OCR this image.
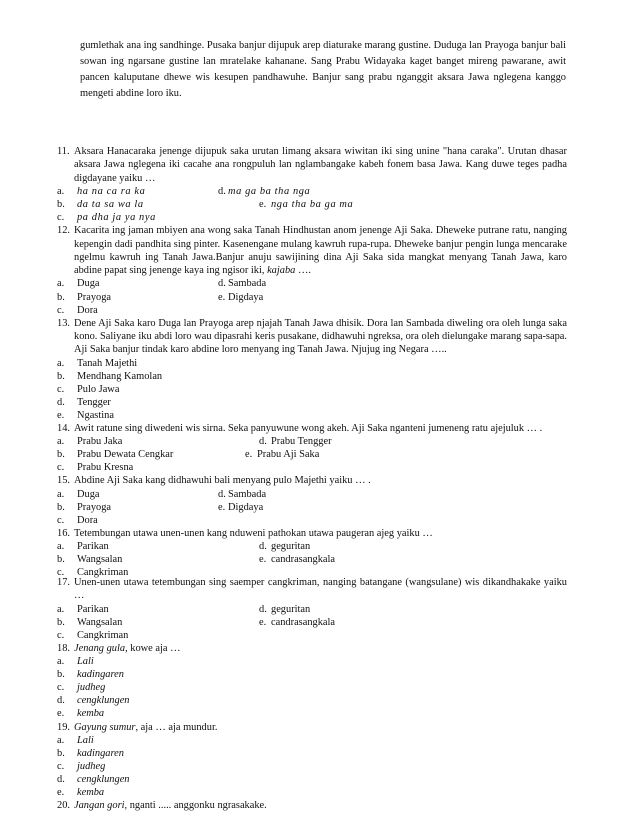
gumlethak ana ing sandhinge. Pusaka banjur dijupuk arep diaturake marang gustine. Duduga lan Prayoga banjur bali sowan ing ngarsane gustine lan mratelake kahanane. Sang Prabu Widayaka kaget banget mireng pawarane, awit pancen kaluputane dhewe wis kesupen pandhawuhe. Banjur sang prabu nganggit aksara Jawa nglegena kanggo mengeti abdine loro iku.
11. Aksara Hanacaraka jenenge dijupuk saka urutan limang aksara wiwitan iki sing unine "hana caraka". Urutan dhasar aksara Jawa nglegena iki cacahe ana rongpuluh lan nglambangake kabeh fonem basa Jawa. Kang duwe teges padha digdayane yaiku …
a. ha na ca ra ka	d. ma ga ba tha nga
b. da ta sa wa la	e. nga tha ba ga ma
c. pa dha ja ya nya
12. Kacarita ing jaman mbiyen ana wong saka Tanah Hindhustan anom jenenge Aji Saka. Dheweke putrane ratu, nanging kepengin dadi pandhita sing pinter. Kasenengane mulang kawruh rupa-rupa. Dheweke banjur pengin lunga mencarake ngelmu kawruh ing Tanah Jawa.Banjur anuju sawijining dina Aji Saka sida mangkat menyang Tanah Jawa, karo abdine papat sing jenenge kaya ing ngisor iki, kajaba ….
a. Duga	d. Sambada
b. Prayoga	e. Digdaya
c. Dora
13. Dene Aji Saka karo Duga lan Prayoga arep njajah Tanah Jawa dhisik. Dora lan Sambada diweling ora oleh lunga saka kono. Saliyane iku abdi loro wau dipasrahi keris pusakane, didhawuhi ngreksa, ora oleh dielungake marang sapa-sapa. Aji Saka banjur tindak karo abdine loro menyang ing Tanah Jawa. Njujug ing Negara …..
a. Tanah Majethi
b. Mendhang Kamolan
c. Pulo Jawa
d. Tengger
e. Ngastina
14. Awit ratune sing diwedeni wis sirna. Seka panyuwune wong akeh. Aji Saka nganteni jumeneng ratu ajejuluk … .
a. Prabu Jaka	d. Prabu Tengger
b. Prabu Dewata Cengkar	e. Prabu Aji Saka
c. Prabu Kresna
15. Abdine Aji Saka kang didhawuhi bali menyang pulo Majethi yaiku … .
a. Duga	d. Sambada
b. Prayoga	e. Digdaya
c. Dora
16. Tetembungan utawa unen-unen kang nduweni pathokan utawa paugeran ajeg yaiku …
a. Parikan	d. geguritan
b. Wangsalan	e. candrasangkala
c. Cangkriman
17. Unen-unen utawa tetembungan sing saemper cangkriman, nanging batangane (wangsulane) wis dikandhakake yaiku …
a. Parikan	d. geguritan
b. Wangsalan	e. candrasangkala
c. Cangkriman
18. Jenang gula, kowe aja …
a. Lali
b. kadingaren
c. judheg
d. cengklungen
e. kemba
19. Gayung sumur, aja … aja mundur.
a. Lali
b. kadingaren
c. judheg
d. cengklungen
e. kemba
20. Jangan gori, nganti ..... anggonku ngrasakake.
